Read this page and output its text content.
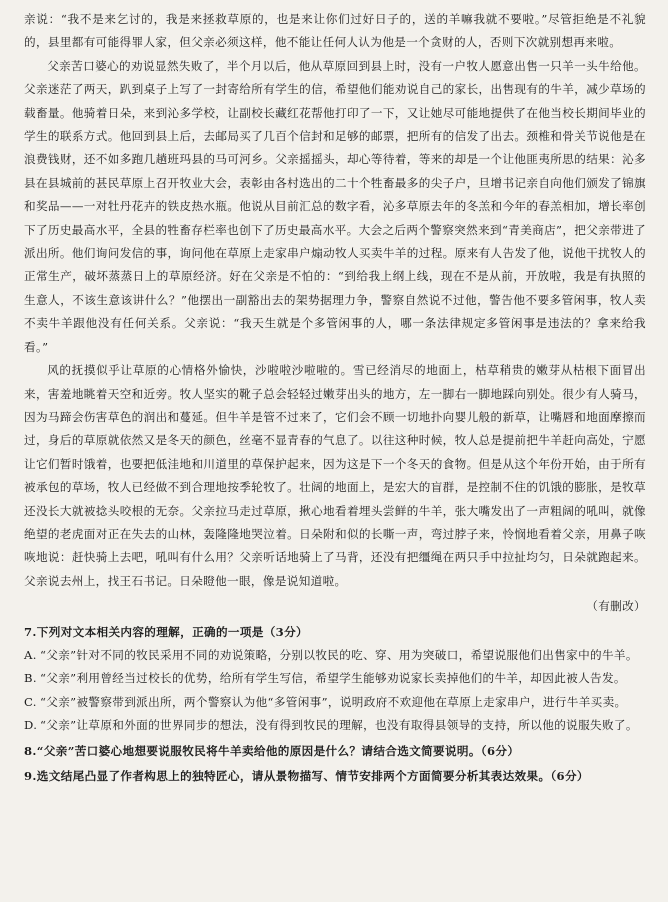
亲说：“我不是来乞讨的，我是来拯救草原的，也是来让你们过好日子的，送的羊嘛我就不要啦。”尽管拒绝是不礼貌的，县里都有可能得罪人家，但父亲必须这样，他不能让任何人认为他是一个贪财的人，否则下次就别想再来啦。

父亲苦口婆心的劝说显然失败了，半个月以后，他从草原回到县上时，没有一户牧人愿意出售一只羊一头牛给他。父亲迷茫了两天，趴到桌子上写了一封寄给所有学生的信，希望他们能劝说自己的家长，出售现有的牛羊，减少草场的载畜量。他骑着日朵，来到沁多学校，让副校长藏红花帮他打印了一下，又让她尽可能地提供了在他当校长期间毕业的学生的联系方式。他回到县上后，去邮局买了几百个信封和足够的邮票，把所有的信发了出去。颈椎和骨关节说他是在浪费钱财，还不如多跑几趟班玛县的马可河乡。父亲摇摇头，却心等待着，等来的却是一个让他匪夷所思的结果：沁多县在县城前的甚民草原上召开牧业大会，表彰由各村选出的二十个牲畜最多的尖子户，旦增书记亲自向他们颁发了锦旗和奖品——一对牡丹花卉的铁皮热水瓶。他说从目前汇总的数字看，沁多草原去年的冬羔和今年的春羔相加，增长率创下了历史最高水平，全县的牲畜存栏率也创下了历史最高水平。大会之后两个警察突然来到“青美商店”，把父亲带进了派出所。他们询问发信的事，询问他在草原上走家串户煽动牧人买卖牛羊的过程。原来有人告发了他，说他干扰牧人的正常生产，破坏蒸蒸日上的草原经济。好在父亲是不怕的：“到给我上纲上线，现在不是从前，开放啦，我是有执照的生意人，不该生意该讲什么？”他摆出一副豁出去的架势据理力争，警察自然说不过他，警告他不要多管闲事，牧人卖不卖牛羊跟他没有任何关系。父亲说：“我天生就是个多管闲事的人，哪一条法律规定多管闲事是违法的？拿来给我看。”

风的抚摸似乎让草原的心情格外愉快，沙啦啦沙啦啦的。雪已经消尽的地面上，枯草稍贵的嫩芽从枯根下面冒出来，害羞地眺着天空和近旁。牧人坚实的靴子总会轻轻过嫩芽出头的地方，左一脚右一脚地踩向别处。很少有人骑马，因为马蹄会伤害草色的润出和蔓延。但牛羊是管不过来了，它们会不顾一切地扑向婴儿般的新草，让嘴唇和地面摩擦而过，身后的草原就依然又是冬天的颜色，丝毫不显青春的气息了。以往这种时候，牧人总是提前把牛羊赶向高处，宁愿让它们暂时饿着，也要把低洼地和川道里的草保护起来，因为这是下一个冬天的食物。但是从这个年份开始，由于所有被承包的草场，牧人已经做不到合理地按季轮牧了。壮阔的地面上，是宏大的盲群，是控制不住的饥饿的膨胀，是牧草还没长大就被捻头咬根的无奈。父亲拉马走过草原，揪心地看着埋头尝鲜的牛羊，张大嘴发出了一声粗阔的吼叫，就像绝望的老虎面对正在失去的山林，轰隆隆地哭泣着。日朵附和似的长嘶一声，弯过脖子来，怜悯地看着父亲，用鼻子咴咴地说：赶快骑上去吧，吼叫有什么用？父亲听话地骑上了马背，还没有把缰绳在两只手中拉扯均匀，日朵就跑起来。父亲说去州上，找王石书记。日朵瞪他一眼，像是说知道啦。

（有删改）

7.下列对文本相关内容的理解，正确的一项是（3分）

A. “父亲”针对不同的牧民采用不同的劝说策略，分别以牧民的吃、穿、用为突破口，希望说服他们出售家中的牛羊。

B. “父亲”利用曾经当过校长的优势，给所有学生写信，希望学生能够劝说家长卖掉他们的牛羊，却因此被人告发。

C. “父亲”被警察带到派出所，两个警察认为他“多管闲事”，说明政府不欢迎他在草原上走家串户，进行牛羊买卖。

D. “父亲”让草原和外面的世界同步的想法，没有得到牧民的理解，也没有取得县领导的支持，所以他的说服失败了。

8.“父亲”苦口婆心地想要说服牧民将牛羊卖给他的原因是什么？请结合选文简要说明。（6分）

9.选文结尾凸显了作者构思上的独特匠心，请从景物描写、情节安排两个方面简要分析其表达效果。（6分）
